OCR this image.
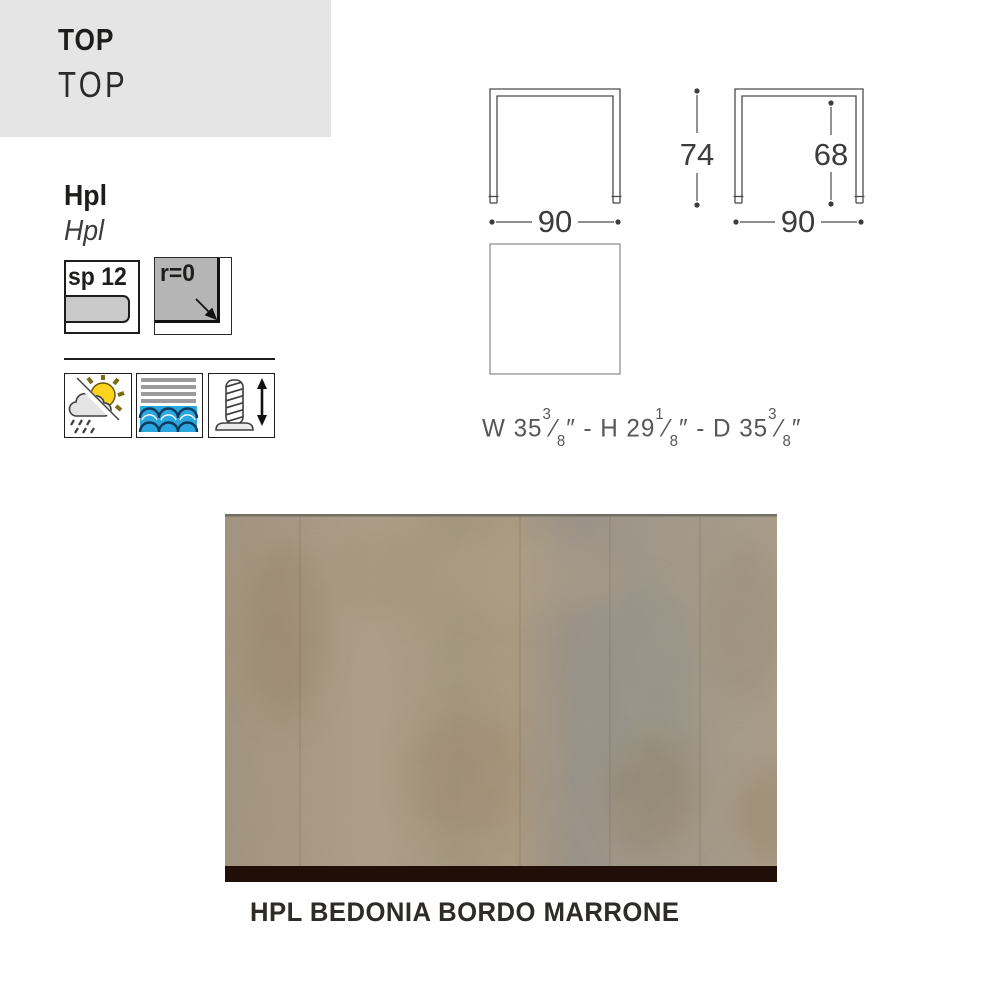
TOP
TOP
Hpl
Hpl
sp 12 r=0
90
74	68
90
W $35^3⁄_8''$ - H $29^1⁄_8''$ - D $35^3⁄_8''$
HPL BEDONIA BORDO MARRONE
